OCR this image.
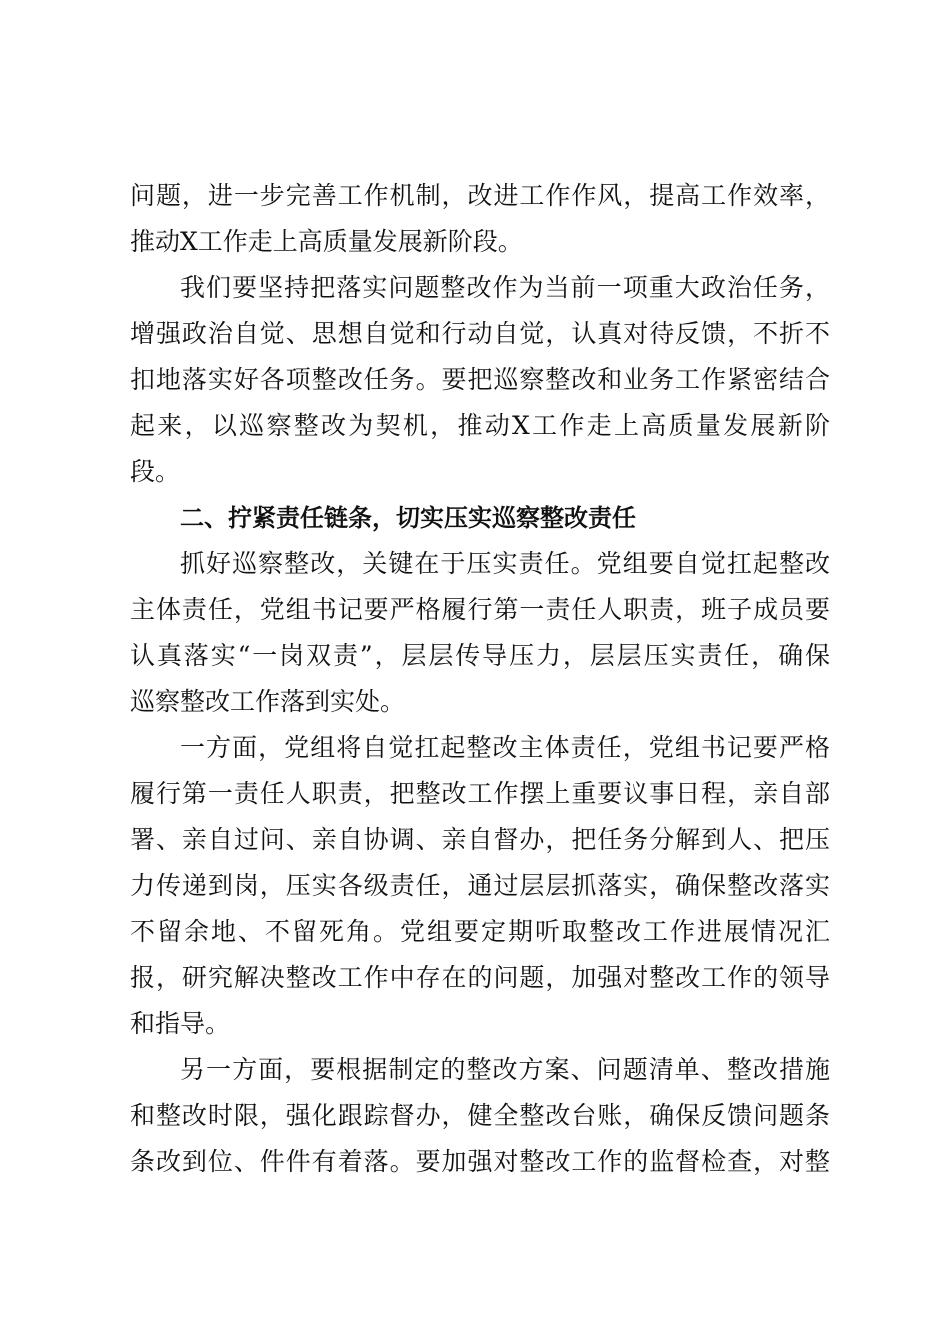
问题，进一步完善工作机制，改进工作作风，提高工作效率，
推动X工作走上高质量发展新阶段。
我们要坚持把落实问题整改作为当前一项重大政治任务，
增强政治自觉、思想自觉和行动自觉，认真对待反馈，不折不
扣地落实好各项整改任务。要把巡察整改和业务工作紧密结合
起来，以巡察整改为契机，推动X工作走上高质量发展新阶
段。
二、拧紧责任链条，切实压实巡察整改责任
抓好巡察整改，关键在于压实责任。党组要自觉扛起整改
主体责任，党组书记要严格履行第一责任人职责，班子成员要
认真落实“一岗双责”，层层传导压力，层层压实责任，确保
巡察整改工作落到实处。
一方面，党组将自觉扛起整改主体责任，党组书记要严格
履行第一责任人职责，把整改工作摆上重要议事日程，亲自部
署、亲自过问、亲自协调、亲自督办，把任务分解到人、把压
力传递到岗，压实各级责任，通过层层抓落实，确保整改落实
不留余地、不留死角。党组要定期听取整改工作进展情况汇
报，研究解决整改工作中存在的问题，加强对整改工作的领导
和指导。
另一方面，要根据制定的整改方案、问题清单、整改措施
和整改时限，强化跟踪督办，健全整改台账，确保反馈问题条
条改到位、件件有着落。要加强对整改工作的监督检查，对整
